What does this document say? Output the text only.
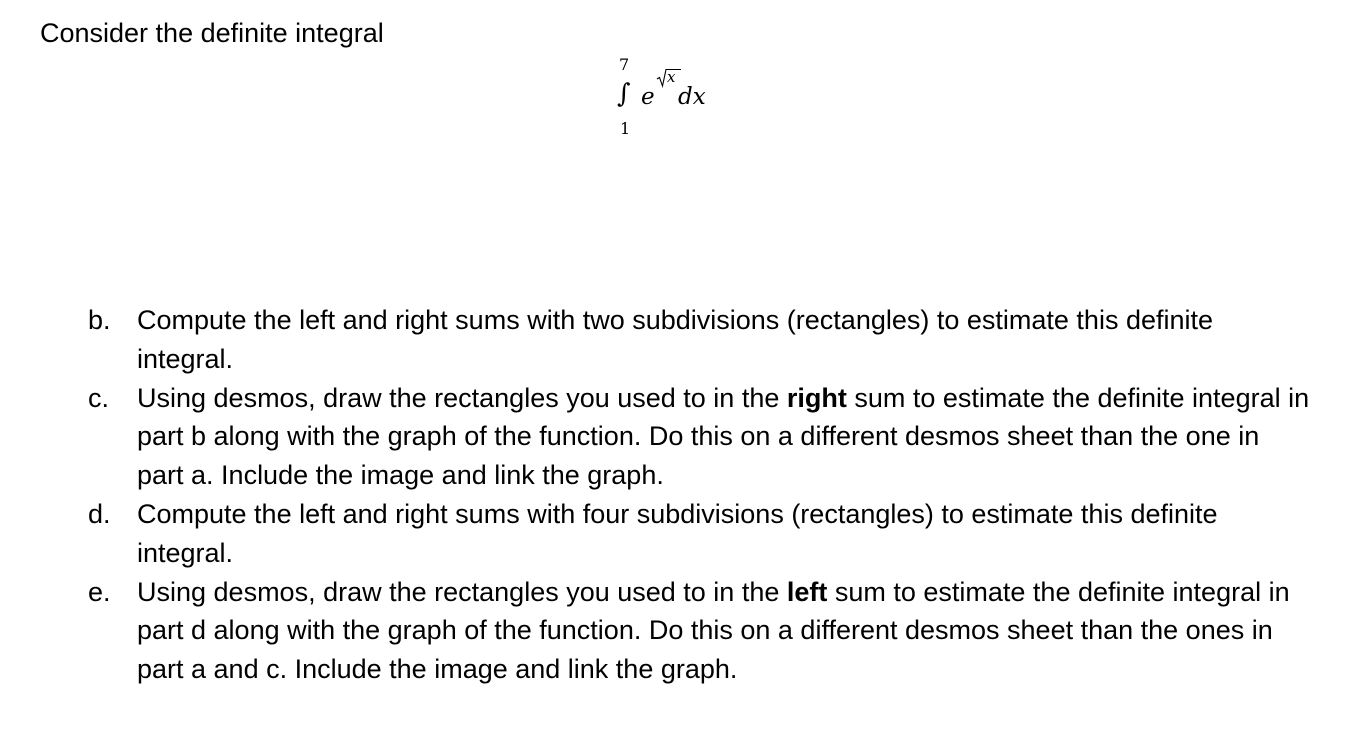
Consider the definite integral
7
∫
1
e
x
dx
b. Compute the left and right sums with two subdivisions (rectangles) to estimate this definite integral.
c. Using desmos, draw the rectangles you used to in the right sum to estimate the definite integral in part b along with the graph of the function. Do this on a different desmos sheet than the one in part a. Include the image and link the graph.
d. Compute the left and right sums with four subdivisions (rectangles) to estimate this definite integral.
e. Using desmos, draw the rectangles you used to in the left sum to estimate the definite integral in part d along with the graph of the function. Do this on a different desmos sheet than the ones in part a and c. Include the image and link the graph.
